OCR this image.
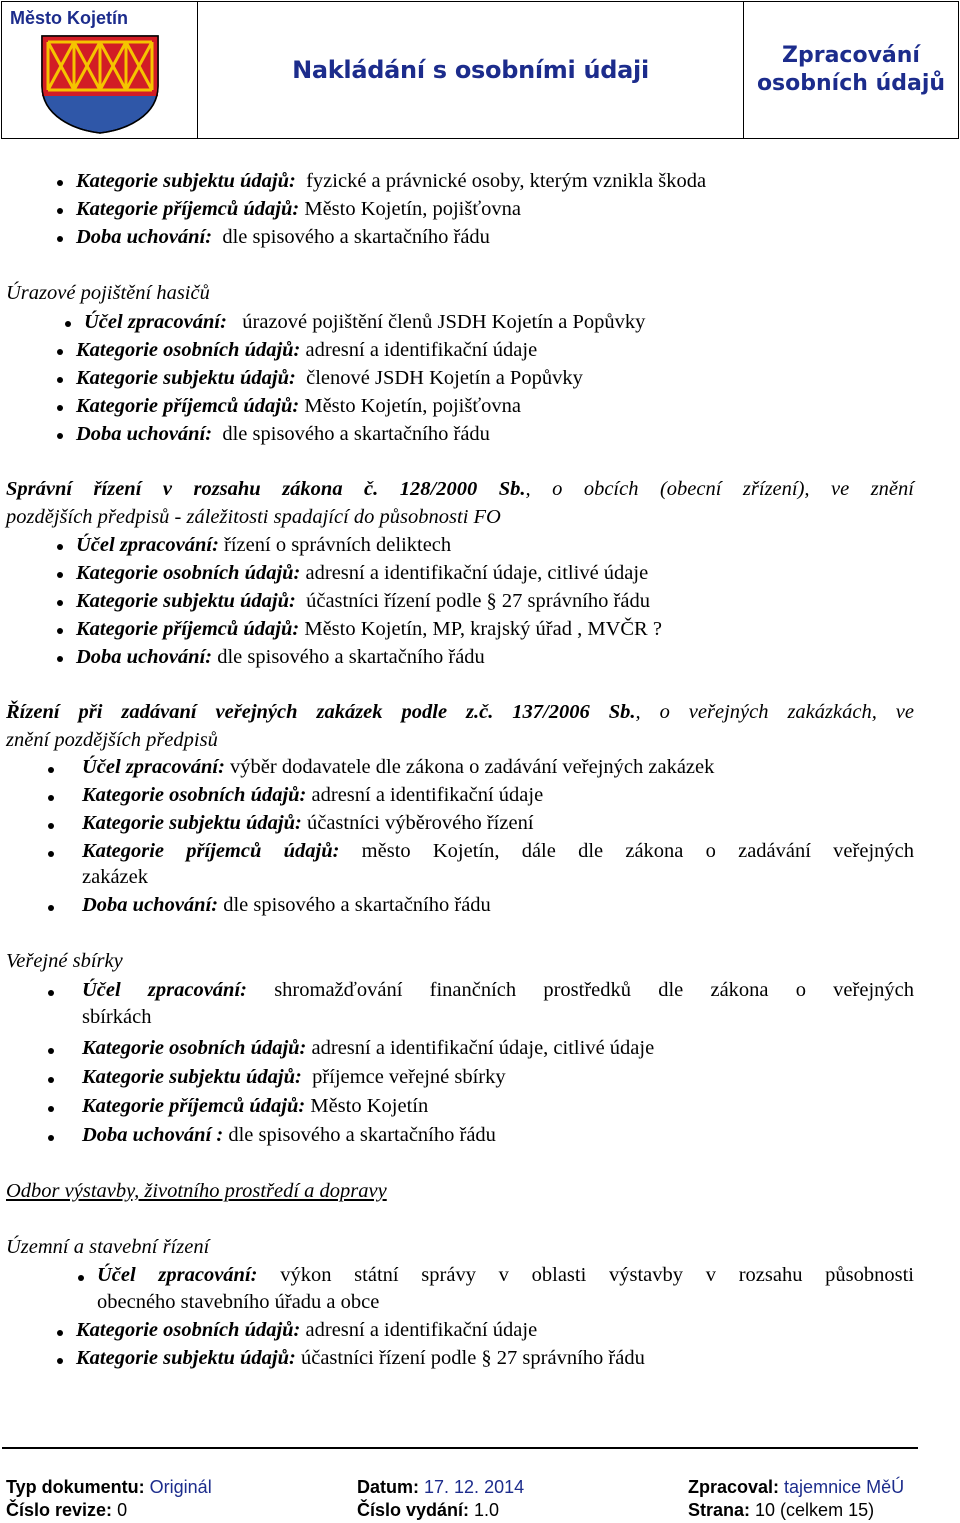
Město Kojetín
Nakládání s osobními údaji
Zpracování
osobních údajů
Kategorie subjektu údajů: fyzické a právnické osoby, kterým vznikla škoda
Kategorie příjemců údajů: Město Kojetín, pojišťovna
Doba uchování: dle spisového a skartačního řádu
Úrazové pojištění hasičů
Účel zpracování: úrazové pojištění členů JSDH Kojetín a Popůvky
Kategorie osobních údajů: adresní a identifikační údaje
Kategorie subjektu údajů: členové JSDH Kojetín a Popůvky
Kategorie příjemců údajů: Město Kojetín, pojišťovna
Doba uchování: dle spisového a skartačního řádu
Správní řízení v rozsahu zákona č. 128/2000 Sb., o obcích (obecní zřízení), ve znění
pozdějších předpisů - záležitosti spadající do působnosti FO
Účel zpracování: řízení o správních deliktech
Kategorie osobních údajů: adresní a identifikační údaje, citlivé údaje
Kategorie subjektu údajů: účastníci řízení podle § 27 správního řádu
Kategorie příjemců údajů: Město Kojetín, MP, krajský úřad , MVČR ?
Doba uchování: dle spisového a skartačního řádu
Řízení při zadávaní veřejných zakázek podle z.č. 137/2006 Sb., o veřejných zakázkách, ve
znění pozdějších předpisů
Účel zpracování: výběr dodavatele dle zákona o zadávání veřejných zakázek
Kategorie osobních údajů: adresní a identifikační údaje
Kategorie subjektu údajů: účastníci výběrového řízení
Kategorie příjemců údajů: město Kojetín, dále dle zákona o zadávání veřejných
zakázek
Doba uchování: dle spisového a skartačního řádu
Veřejné sbírky
Účel zpracování: shromažďování finančních prostředků dle zákona o veřejných
sbírkách
Kategorie osobních údajů: adresní a identifikační údaje, citlivé údaje
Kategorie subjektu údajů: příjemce veřejné sbírky
Kategorie příjemců údajů: Město Kojetín
Doba uchování : dle spisového a skartačního řádu
Odbor výstavby, životního prostředí a dopravy
Územní a stavební řízení
Účel zpracování: výkon státní správy v oblasti výstavby v rozsahu působnosti
obecného stavebního úřadu a obce
Kategorie osobních údajů: adresní a identifikační údaje
Kategorie subjektu údajů: účastníci řízení podle § 27 správního řádu
Typ dokumentu: Originál	Datum: 17. 12. 2014	Zpracoval: tajemnice MěÚ
Číslo revize: 0	Číslo vydání: 1.0	Strana: 10 (celkem 15)
